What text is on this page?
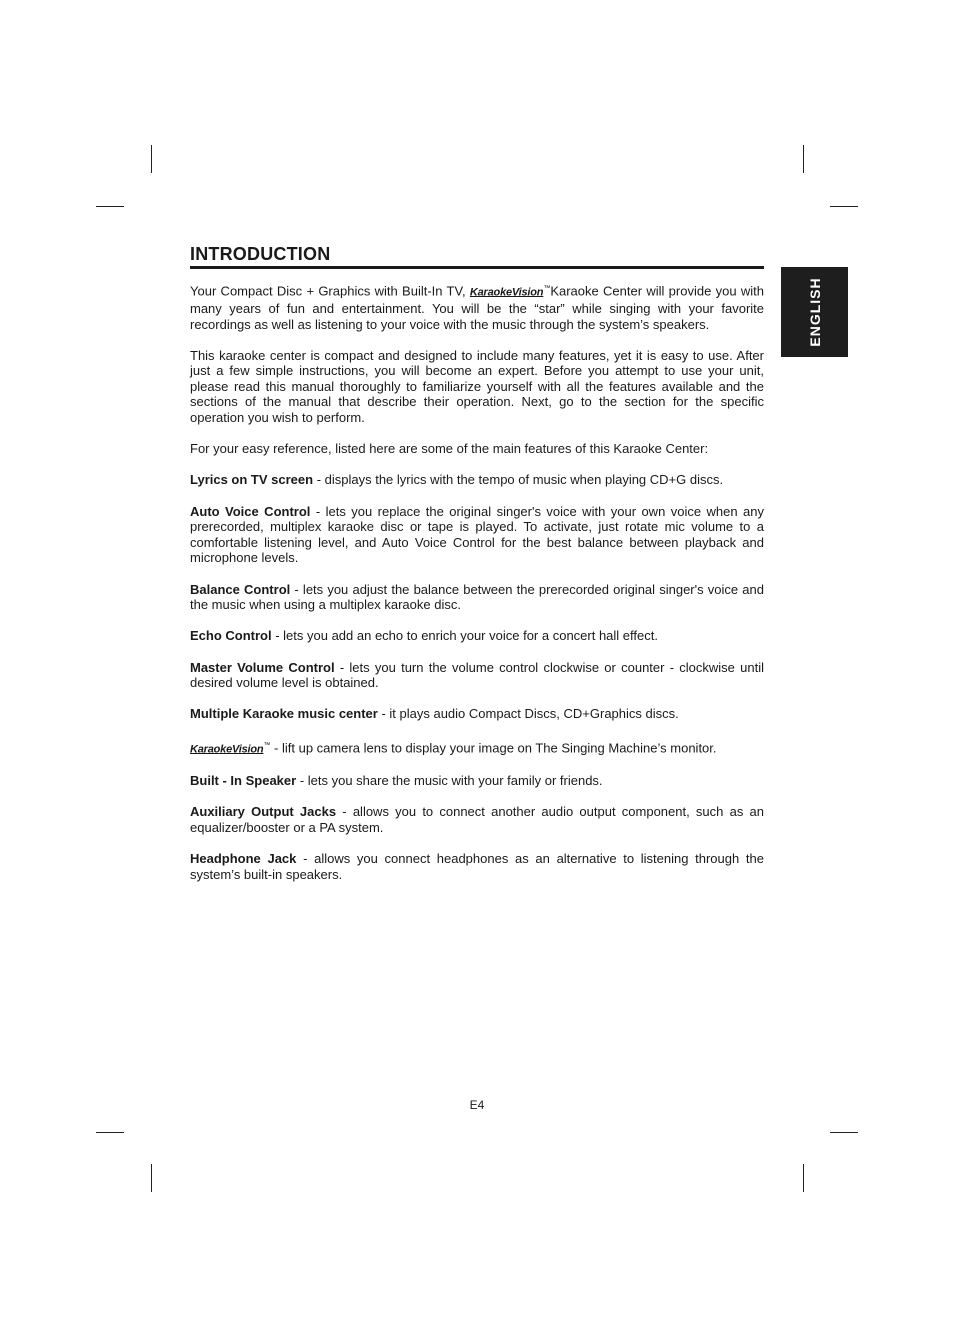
INTRODUCTION
ENGLISH

Your Compact Disc + Graphics with Built-In TV, KaraokeVision™Karaoke Center will provide you with many years of fun and entertainment. You will be the “star” while singing with your favorite recordings as well as listening to your voice with the music through the system’s speakers.

This karaoke center is compact and designed to include many features, yet it is easy to use. After just a few simple instructions, you will become an expert. Before you attempt to use your unit, please read this manual thoroughly to familiarize yourself with all the features available and the sections of the manual that describe their operation. Next, go to the section for the specific operation you wish to perform.

For your easy reference, listed here are some of the main features of this Karaoke Center:

Lyrics on TV screen - displays the lyrics with the tempo of music when playing CD+G discs.

Auto Voice Control - lets you replace the original singer's voice with your own voice when any prerecorded, multiplex karaoke disc or tape is played. To activate, just rotate mic volume to a comfortable listening level, and Auto Voice Control for the best balance between playback and microphone levels.

Balance Control - lets you adjust the balance between the prerecorded original singer's voice and the music when using a multiplex karaoke disc.

Echo Control - lets you add an echo to enrich your voice for a concert hall effect.

Master Volume Control - lets you turn the volume control clockwise or counter - clockwise until desired volume level is obtained.

Multiple Karaoke music center - it plays audio Compact Discs, CD+Graphics discs.

KaraokeVision™ - lift up camera lens to display your image on The Singing Machine’s monitor.

Built - In Speaker - lets you share the music with your family or friends.

Auxiliary Output Jacks - allows you to connect another audio output component, such as an equalizer/booster or a PA system.

Headphone Jack - allows you connect headphones as an alternative to listening through the system’s built-in speakers.

E4
